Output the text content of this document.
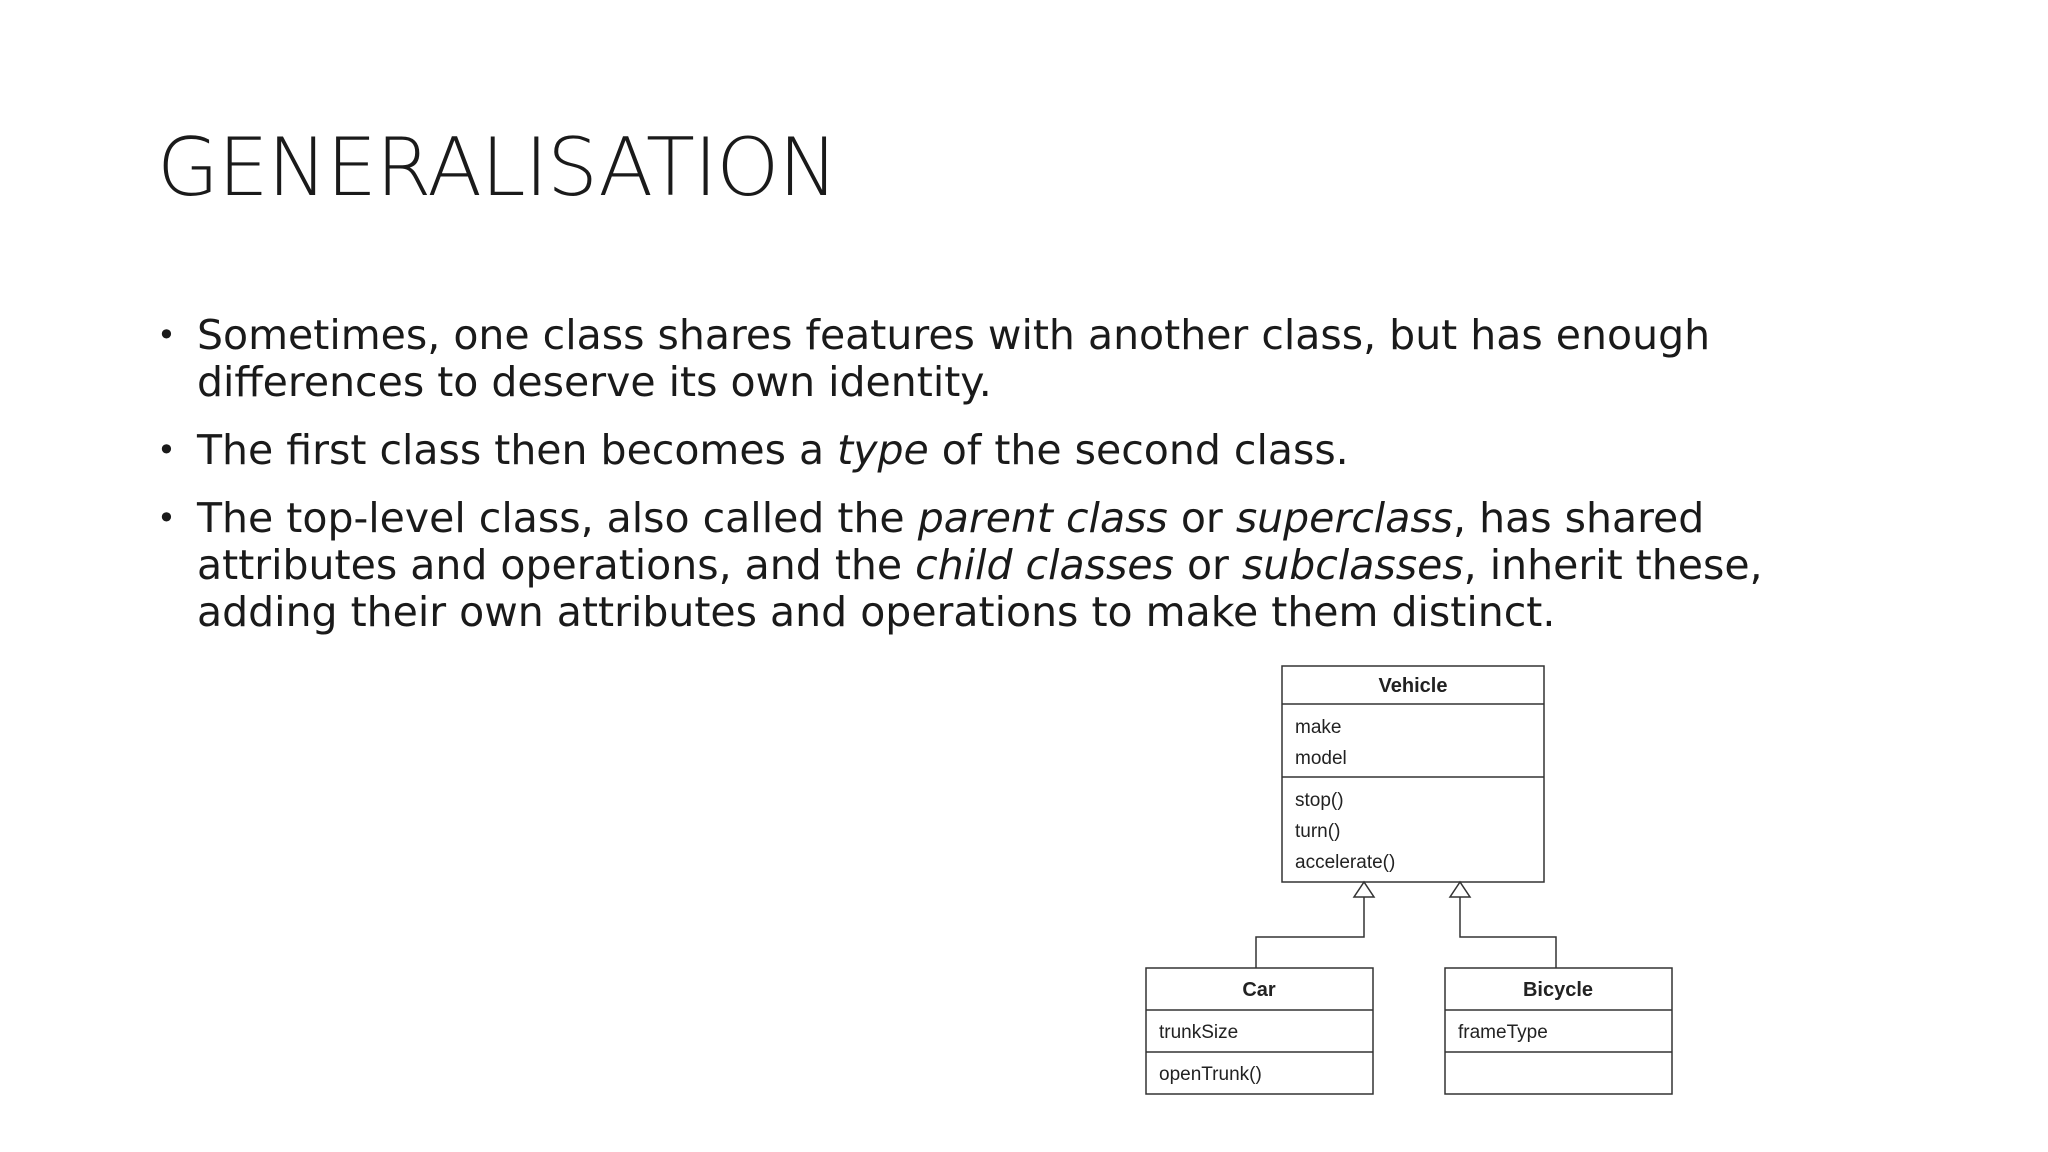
GENERALISATION
• Sometimes, one class shares features with another class, but has enough differences to deserve its own identity.
• The first class then becomes a type of the second class.
• The top-level class, also called the parent class or superclass, has shared attributes and operations, and the child classes or subclasses, inherit these, adding their own attributes and operations to make them distinct.
Vehicle
make
model
stop()
turn()
accelerate()
Car
trunkSize
openTrunk()
Bicycle
frameType
